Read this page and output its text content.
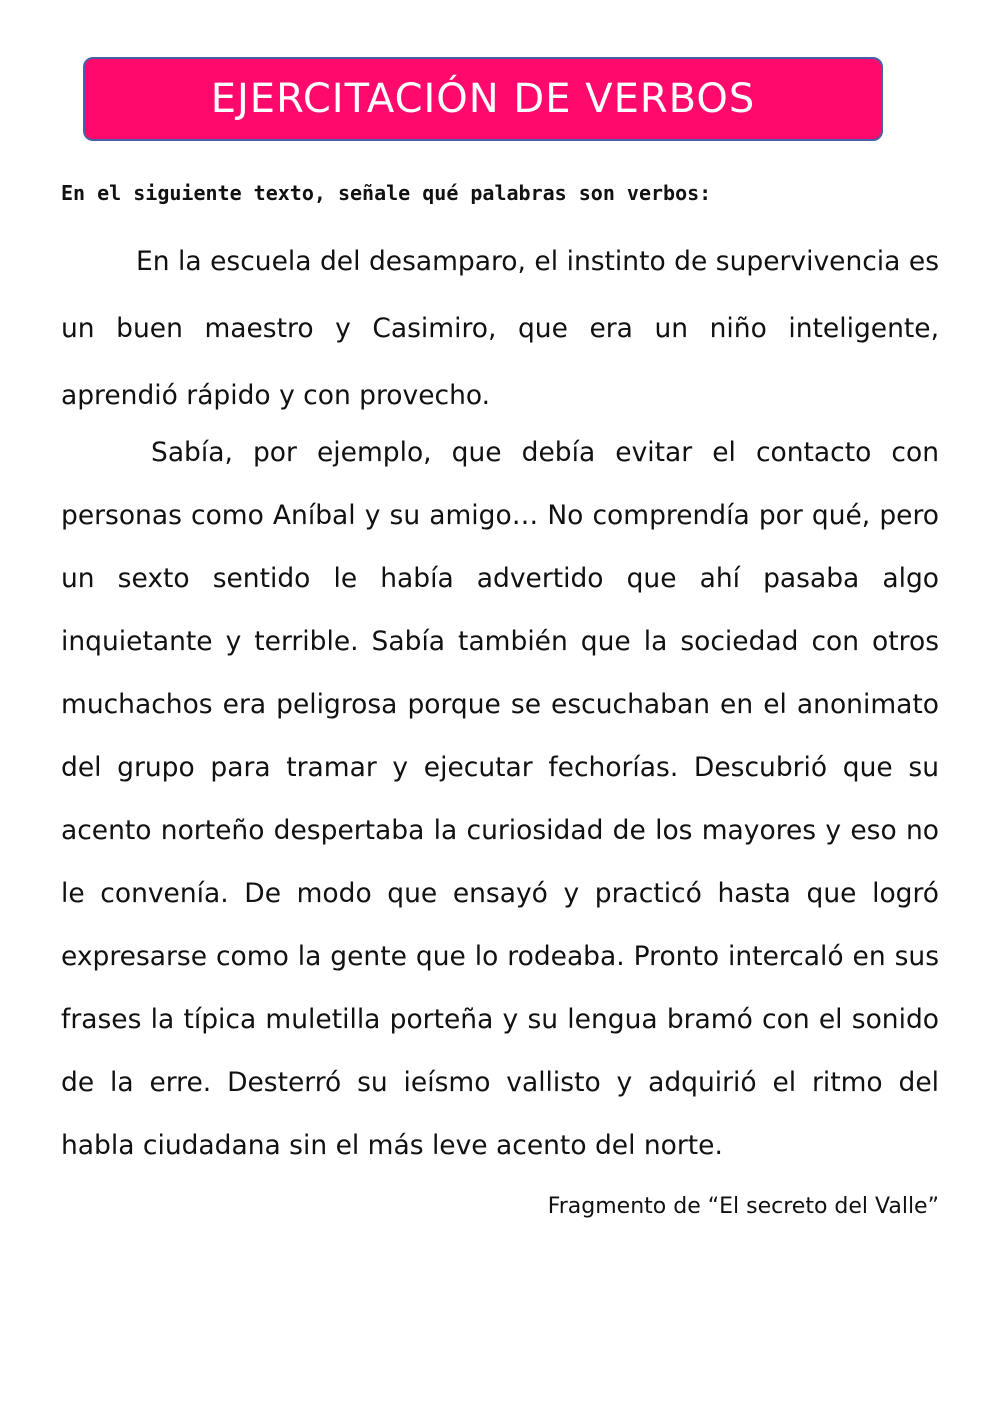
EJERCITACIÓN DE VERBOS

En el siguiente texto, señale qué palabras son verbos:

En la escuela del desamparo, el instinto de supervivencia es un buen maestro y Casimiro, que era un niño inteligente, aprendió rápido y con provecho.

Sabía, por ejemplo, que debía evitar el contacto con personas como Aníbal y su amigo… No comprendía por qué, pero un sexto sentido le había advertido que ahí pasaba algo inquietante y terrible. Sabía también que la sociedad con otros muchachos era peligrosa porque se escuchaban en el anonimato del grupo para tramar y ejecutar fechorías. Descubrió que su acento norteño despertaba la curiosidad de los mayores y eso no le convenía. De modo que ensayó y practicó hasta que logró expresarse como la gente que lo rodeaba. Pronto intercaló en sus frases la típica muletilla porteña y su lengua bramó con el sonido de la erre. Desterró su ieísmo vallisto y adquirió el ritmo del habla ciudadana sin el más leve acento del norte.

Fragmento de “El secreto del Valle”
